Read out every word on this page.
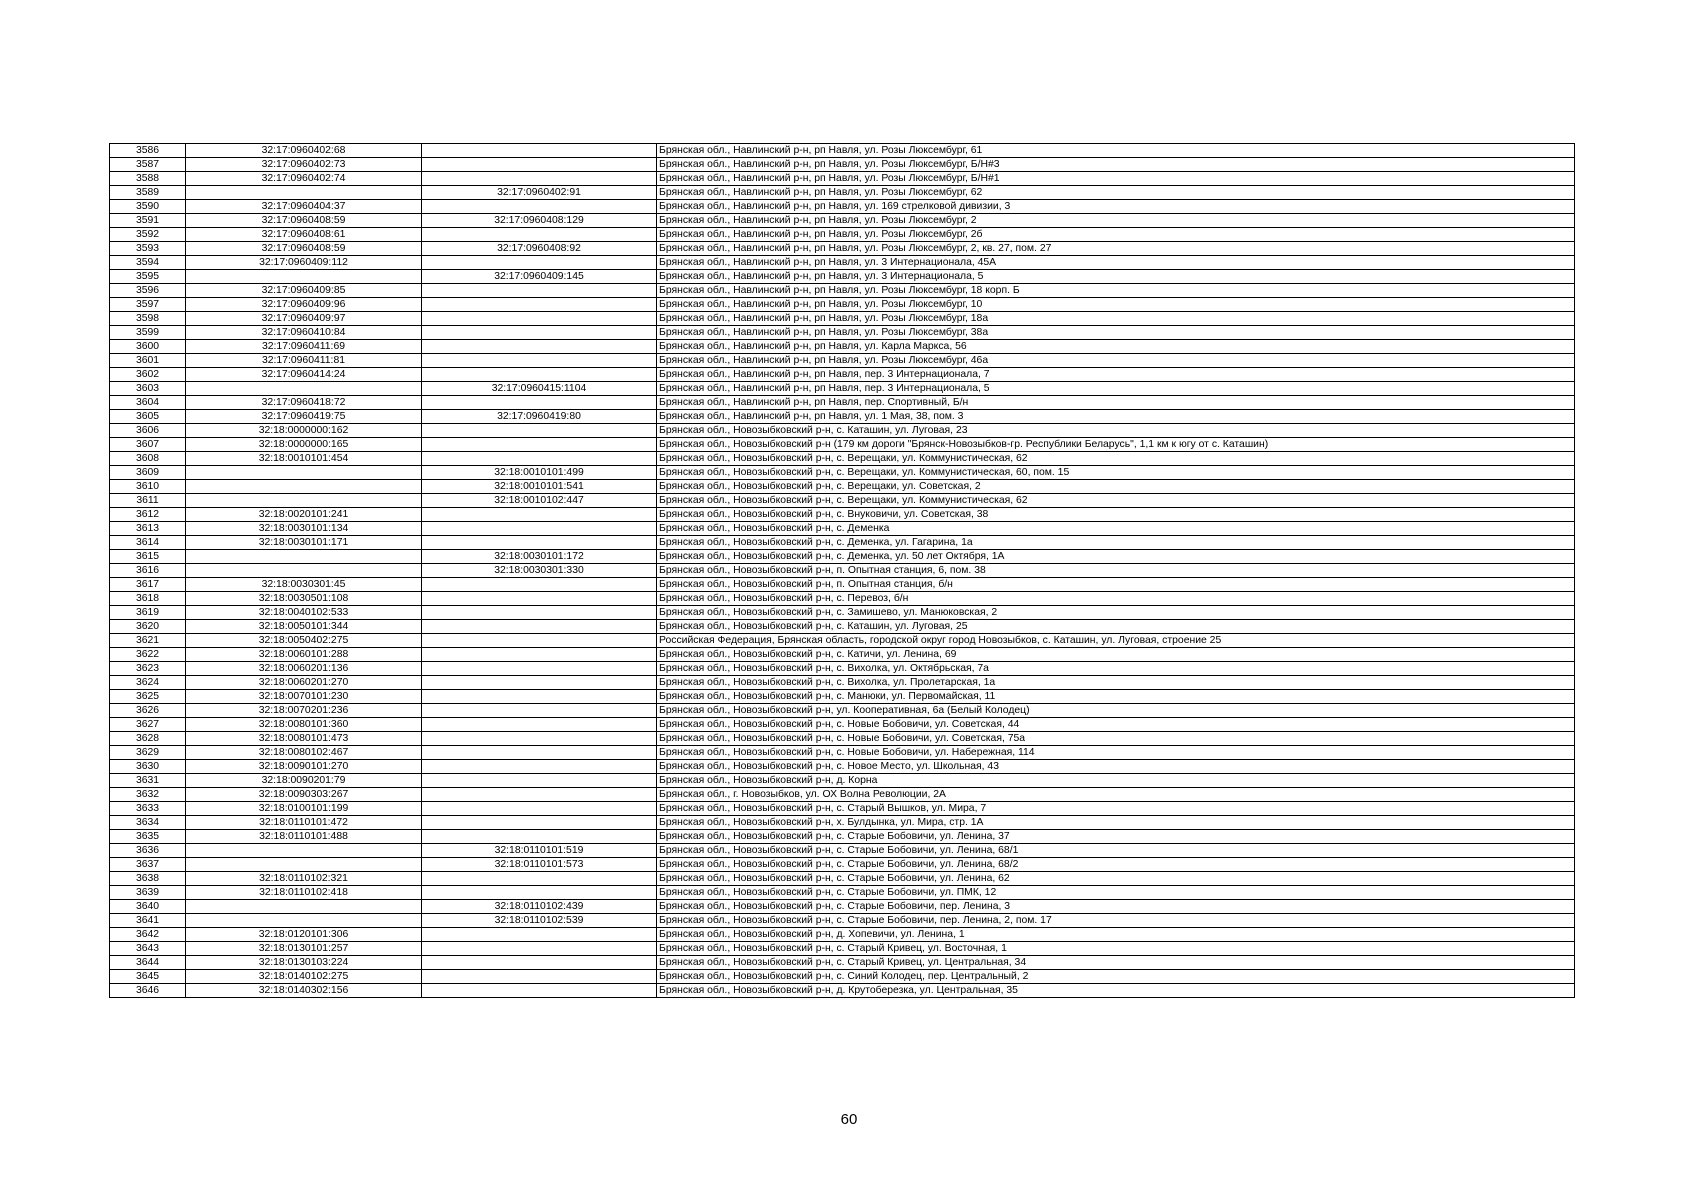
3586	32:17:0960402:68		Брянская обл., Навлинский р-н, рп Навля, ул. Розы Люксембург, 61
3587	32:17:0960402:73		Брянская обл., Навлинский р-н, рп Навля, ул. Розы Люксембург, Б/Н#3
3588	32:17:0960402:74		Брянская обл., Навлинский р-н, рп Навля, ул. Розы Люксембург, Б/Н#1
3589		32:17:0960402:91	Брянская обл., Навлинский р-н, рп Навля, ул. Розы Люксембург, 62
3590	32:17:0960404:37		Брянская обл., Навлинский р-н, рп Навля, ул. 169 стрелковой дивизии, 3
3591	32:17:0960408:59	32:17:0960408:129	Брянская обл., Навлинский р-н, рп Навля, ул. Розы Люксембург, 2
3592	32:17:0960408:61		Брянская обл., Навлинский р-н, рп Навля, ул. Розы Люксембург, 2б
3593	32:17:0960408:59	32:17:0960408:92	Брянская обл., Навлинский р-н, рп Навля, ул. Розы Люксембург, 2, кв. 27, пом. 27
3594	32:17:0960409:112		Брянская обл., Навлинский р-н, рп Навля, ул. 3 Интернационала, 45А
3595		32:17:0960409:145	Брянская обл., Навлинский р-н, рп Навля, ул. 3 Интернационала, 5
3596	32:17:0960409:85		Брянская обл., Навлинский р-н, рп Навля, ул. Розы Люксембург, 18 корп. Б
3597	32:17:0960409:96		Брянская обл., Навлинский р-н, рп Навля, ул. Розы Люксембург, 10
3598	32:17:0960409:97		Брянская обл., Навлинский р-н, рп Навля, ул. Розы Люксембург, 18а
3599	32:17:0960410:84		Брянская обл., Навлинский р-н, рп Навля, ул. Розы Люксембург, 38а
3600	32:17:0960411:69		Брянская обл., Навлинский р-н, рп Навля, ул. Карла Маркса, 56
3601	32:17:0960411:81		Брянская обл., Навлинский р-н, рп Навля, ул. Розы Люксембург, 46а
3602	32:17:0960414:24		Брянская обл., Навлинский р-н, рп Навля, пер. 3 Интернационала, 7
3603		32:17:0960415:1104	Брянская обл., Навлинский р-н, рп Навля, пер. 3 Интернационала, 5
3604	32:17:0960418:72		Брянская обл., Навлинский р-н, рп Навля, пер. Спортивный, Б/н
3605	32:17:0960419:75	32:17:0960419:80	Брянская обл., Навлинский р-н, рп Навля, ул. 1 Мая, 38, пом. 3
3606	32:18:0000000:162		Брянская обл., Новозыбковский р-н, с. Каташин, ул. Луговая, 23
3607	32:18:0000000:165		Брянская обл., Новозыбковский р-н (179 км дороги "Брянск-Новозыбков-гр. Республики Беларусь", 1,1 км к югу от с. Каташин)
3608	32:18:0010101:454		Брянская обл., Новозыбковский р-н, с. Верещаки, ул. Коммунистическая, 62
3609		32:18:0010101:499	Брянская обл., Новозыбковский р-н, с. Верещаки, ул. Коммунистическая, 60, пом. 15
3610		32:18:0010101:541	Брянская обл., Новозыбковский р-н, с. Верещаки, ул. Советская, 2
3611		32:18:0010102:447	Брянская обл., Новозыбковский р-н, с. Верещаки, ул. Коммунистическая, 62
3612	32:18:0020101:241		Брянская обл., Новозыбковский р-н, с. Внуковичи, ул. Советская, 38
3613	32:18:0030101:134		Брянская обл., Новозыбковский р-н, с. Деменка
3614	32:18:0030101:171		Брянская обл., Новозыбковский р-н, с. Деменка, ул. Гагарина, 1а
3615		32:18:0030101:172	Брянская обл., Новозыбковский р-н, с. Деменка, ул. 50 лет Октября, 1А
3616		32:18:0030301:330	Брянская обл., Новозыбковский р-н, п. Опытная станция, 6, пом. 38
3617	32:18:0030301:45		Брянская обл., Новозыбковский р-н, п. Опытная станция, б/н
3618	32:18:0030501:108		Брянская обл., Новозыбковский р-н, с. Перевоз, б/н
3619	32:18:0040102:533		Брянская обл., Новозыбковский р-н, с. Замишево, ул. Манюковская, 2
3620	32:18:0050101:344		Брянская обл., Новозыбковский р-н, с. Каташин, ул. Луговая, 25
3621	32:18:0050402:275		Российская Федерация, Брянская область, городской округ город Новозыбков, с. Каташин, ул. Луговая, строение 25
3622	32:18:0060101:288		Брянская обл., Новозыбковский р-н, с. Катичи, ул. Ленина, 69
3623	32:18:0060201:136		Брянская обл., Новозыбковский р-н, с. Вихолка, ул. Октябрьская, 7а
3624	32:18:0060201:270		Брянская обл., Новозыбковский р-н, с. Вихолка, ул. Пролетарская, 1а
3625	32:18:0070101:230		Брянская обл., Новозыбковский р-н, с. Манюки, ул. Первомайская, 11
3626	32:18:0070201:236		Брянская обл., Новозыбковский р-н, ул. Кооперативная, 6а (Белый Колодец)
3627	32:18:0080101:360		Брянская обл., Новозыбковский р-н, с. Новые Бобовичи, ул. Советская, 44
3628	32:18:0080101:473		Брянская обл., Новозыбковский р-н, с. Новые Бобовичи, ул. Советская, 75а
3629	32:18:0080102:467		Брянская обл., Новозыбковский р-н, с. Новые Бобовичи, ул. Набережная, 114
3630	32:18:0090101:270		Брянская обл., Новозыбковский р-н, с. Новое Место, ул. Школьная, 43
3631	32:18:0090201:79		Брянская обл., Новозыбковский р-н, д. Корна
3632	32:18:0090303:267		Брянская обл., г. Новозыбков, ул. ОХ Волна Революции, 2А
3633	32:18:0100101:199		Брянская обл., Новозыбковский р-н, с. Старый Вышков, ул. Мира, 7
3634	32:18:0110101:472		Брянская обл., Новозыбковский р-н, х. Булдынка, ул. Мира, стр. 1А
3635	32:18:0110101:488		Брянская обл., Новозыбковский р-н, с. Старые Бобовичи, ул. Ленина, 37
3636		32:18:0110101:519	Брянская обл., Новозыбковский р-н, с. Старые Бобовичи, ул. Ленина, 68/1
3637		32:18:0110101:573	Брянская обл., Новозыбковский р-н, с. Старые Бобовичи, ул. Ленина, 68/2
3638	32:18:0110102:321		Брянская обл., Новозыбковский р-н, с. Старые Бобовичи, ул. Ленина, 62
3639	32:18:0110102:418		Брянская обл., Новозыбковский р-н, с. Старые Бобовичи, ул. ПМК, 12
3640		32:18:0110102:439	Брянская обл., Новозыбковский р-н, с. Старые Бобовичи, пер. Ленина, 3
3641		32:18:0110102:539	Брянская обл., Новозыбковский р-н, с. Старые Бобовичи, пер. Ленина, 2, пом. 17
3642	32:18:0120101:306		Брянская обл., Новозыбковский р-н, д. Хопевичи, ул. Ленина, 1
3643	32:18:0130101:257		Брянская обл., Новозыбковский р-н, с. Старый Кривец, ул. Восточная, 1
3644	32:18:0130103:224		Брянская обл., Новозыбковский р-н, с. Старый Кривец, ул. Центральная, 34
3645	32:18:0140102:275		Брянская обл., Новозыбковский р-н, с. Синий Колодец, пер. Центральный, 2
3646	32:18:0140302:156		Брянская обл., Новозыбковский р-н, д. Крутоберезка, ул. Центральная, 35
60
